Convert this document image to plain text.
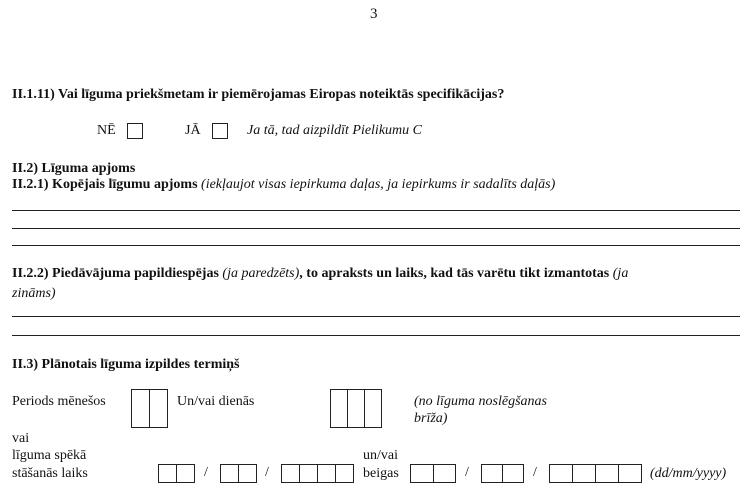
3
II.1.11) Vai līguma priekšmetam ir piemērojamas Eiropas noteiktās specifikācijas?
NĒ	JĀ	Ja tā, tad aizpildīt Pielikumu C
II.2) Līguma apjoms
II.2.1) Kopējais līgumu apjoms (iekļaujot visas iepirkuma daļas, ja iepirkums ir sadalīts daļās)
II.2.2) Piedāvājuma papildiespējas (ja paredzēts), to apraksts un laiks, kad tās varētu tikt izmantotas (ja
zināms)
II.3) Plānotais līguma izpildes termiņš
Periods mēnešos	Un/vai dienās	(no līguma noslēgšanas
brīža)
vai
līguma spēkā
stāšanās laiks	/	/
un/vai
beigas	/	/	(dd/mm/yyyy)
